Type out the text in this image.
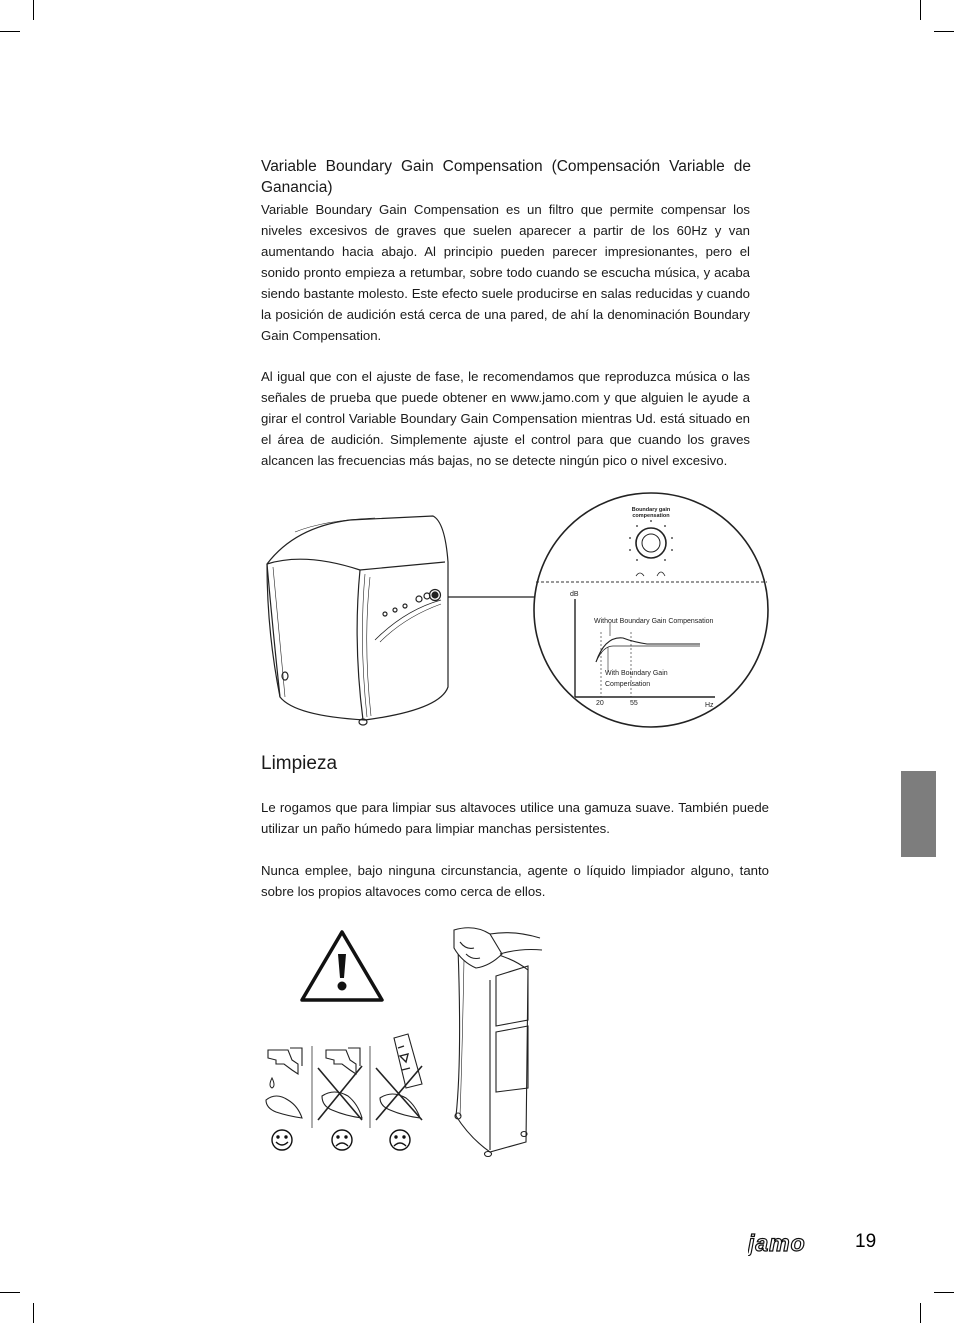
Variable Boundary Gain Compensation (Compensación Variable de Ganancia)

Variable Boundary Gain Compensation es un filtro que permite compensar los niveles excesivos de graves que suelen aparecer a partir de los 60Hz y van aumentando hacia abajo. Al principio pueden parecer impresionantes, pero el sonido pronto empieza a retumbar, sobre todo cuando se escucha música, y acaba siendo bastante molesto. Este efecto suele producirse en salas reducidas y cuando la posición de audición está cerca de una pared, de ahí la denominación Boundary Gain Compensation.

Al igual que con el ajuste de fase, le recomendamos que reproduzca música o las señales de prueba que puede obtener en www.jamo.com y que alguien le ayude a girar el control Variable Boundary Gain Compensation mientras Ud. está situado en el área de audición. Simplemente ajuste el control para que cuando los graves alcancen las frecuencias más bajas, no se detecte ningún pico o nivel excesivo.

Boundary gain
compensation
dB
Hz
20	55
Without Boundary Gain Compensation
With Boundary Gain
Compensation
Limpieza

Le rogamos que para limpiar sus altavoces utilice una gamuza suave. También puede utilizar un paño húmedo para limpiar manchas persistentes.

Nunca emplee, bajo ninguna circunstancia, agente o líquido limpiador alguno, tanto sobre los propios altavoces como cerca de ellos.

jamo	19
